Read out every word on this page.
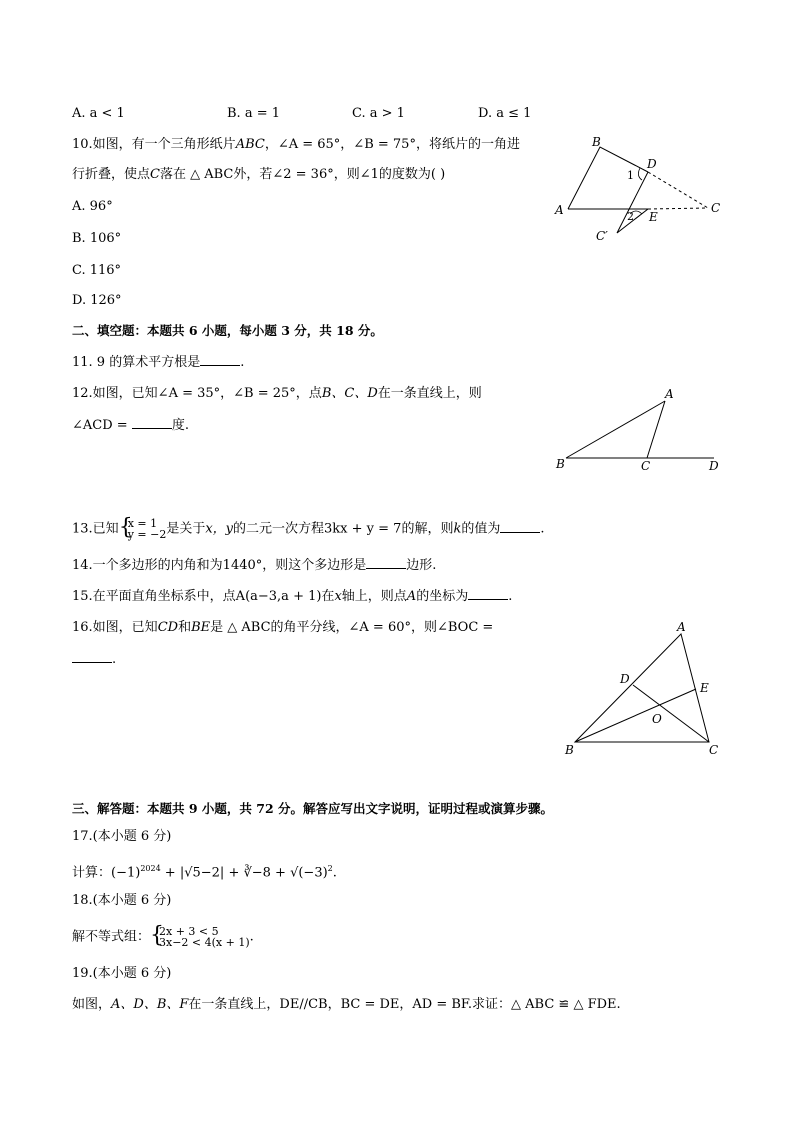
A. a < 1	B. a = 1	C. a > 1	D. a ≤ 1
10.如图，有一个三角形纸片ABC，∠A = 65°，∠B = 75°，将纸片的一角进
行折叠，使点C落在 △ ABC外，若∠2 = 36°，则∠1的度数为( )
A. 96°
B. 106°
C. 116°
D. 126°
B
D
1
A	2 E
C
C′
二、填空题：本题共 6 小题，每小题 3 分，共 18 分。
11. 9 的算术平方根是	.
12.如图，已知∠A = 35°，∠B = 25°，点B、C、D在一条直线上，则
∠ACD =	度.
A
B	C	D
13.已知 { x = 1
y = −2是关于x，y的二元一次方程3kx + y = 7的解，则k的值为	.
14.一个多边形的内角和为1440°，则这个多边形是	边形.
15.在平面直角坐标系中，点A(a−3,a + 1)在x轴上，则点A的坐标为	.
16.如图，已知CD和BE是 △ ABC的角平分线，∠A = 60°，则∠BOC =
.
A
D
E
O
B	C
三、解答题：本题共 9 小题，共 72 分。解答应写出文字说明，证明过程或演算步骤。
17.(本小题 6 分)
计算：$(-1)^{2024} + |√5-2|$ + ∛−8 + $√(-3)^2$.
18.(本小题 6 分)
解不等式组： { 2x + 3 < 5
3x−2 < 4(x + 1).
19.(本小题 6 分)
如图，A、D、B、F在一条直线上，DE//CB，BC = DE，AD = BF.求证：△ ABC ≌ △ FDE.
